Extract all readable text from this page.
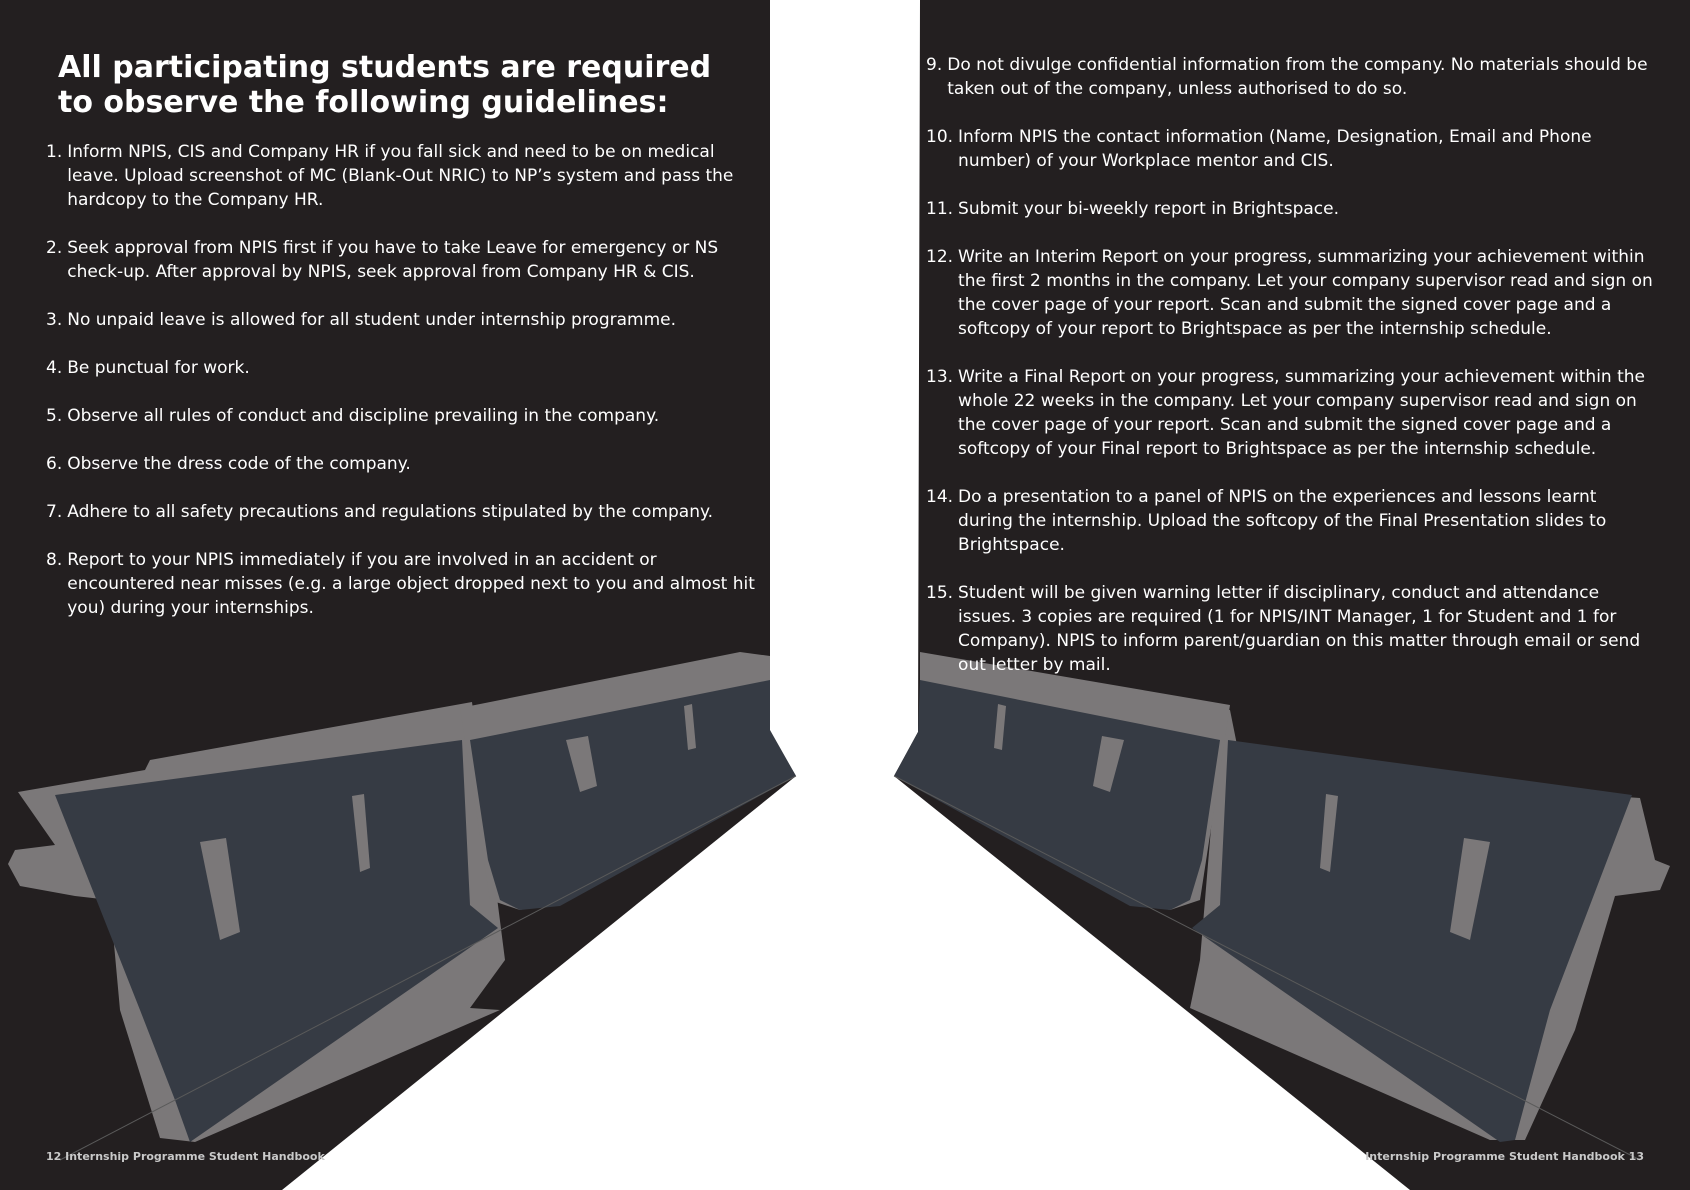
All participating students are required
to observe the following guidelines:
1. Inform NPIS, CIS and Company HR if you fall sick and need to be on medical leave. Upload screenshot of MC (Blank-Out NRIC) to NP’s system and pass the hardcopy to the Company HR.
2. Seek approval from NPIS first if you have to take Leave for emergency or NS check-up. After approval by NPIS, seek approval from Company HR & CIS.
3. No unpaid leave is allowed for all student under internship programme.
4. Be punctual for work.
5. Observe all rules of conduct and discipline prevailing in the company.
6. Observe the dress code of the company.
7. Adhere to all safety precautions and regulations stipulated by the company.
8. Report to your NPIS immediately if you are involved in an accident or encountered near misses (e.g. a large object dropped next to you and almost hit you) during your internships.
9. Do not divulge confidential information from the company. No materials should be taken out of the company, unless authorised to do so.
10. Inform NPIS the contact information (Name, Designation, Email and Phone number) of your Workplace mentor and CIS.
11. Submit your bi-weekly report in Brightspace.
12. Write an Interim Report on your progress, summarizing your achievement within the first 2 months in the company. Let your company supervisor read and sign on the cover page of your report. Scan and submit the signed cover page and a softcopy of your report to Brightspace as per the internship schedule.
13. Write a Final Report on your progress, summarizing your achievement within the whole 22 weeks in the company. Let your company supervisor read and sign on the cover page of your report. Scan and submit the signed cover page and a softcopy of your Final report to Brightspace as per the internship schedule.
14. Do a presentation to a panel of NPIS on the experiences and lessons learnt during the internship. Upload the softcopy of the Final Presentation slides to Brightspace.
15. Student will be given warning letter if disciplinary, conduct and attendance issues. 3 copies are required (1 for NPIS/INT Manager, 1 for Student and 1 for Company). NPIS to inform parent/guardian on this matter through email or send out letter by mail.
12 Internship Programme Student Handbook	Internship Programme Student Handbook 13
